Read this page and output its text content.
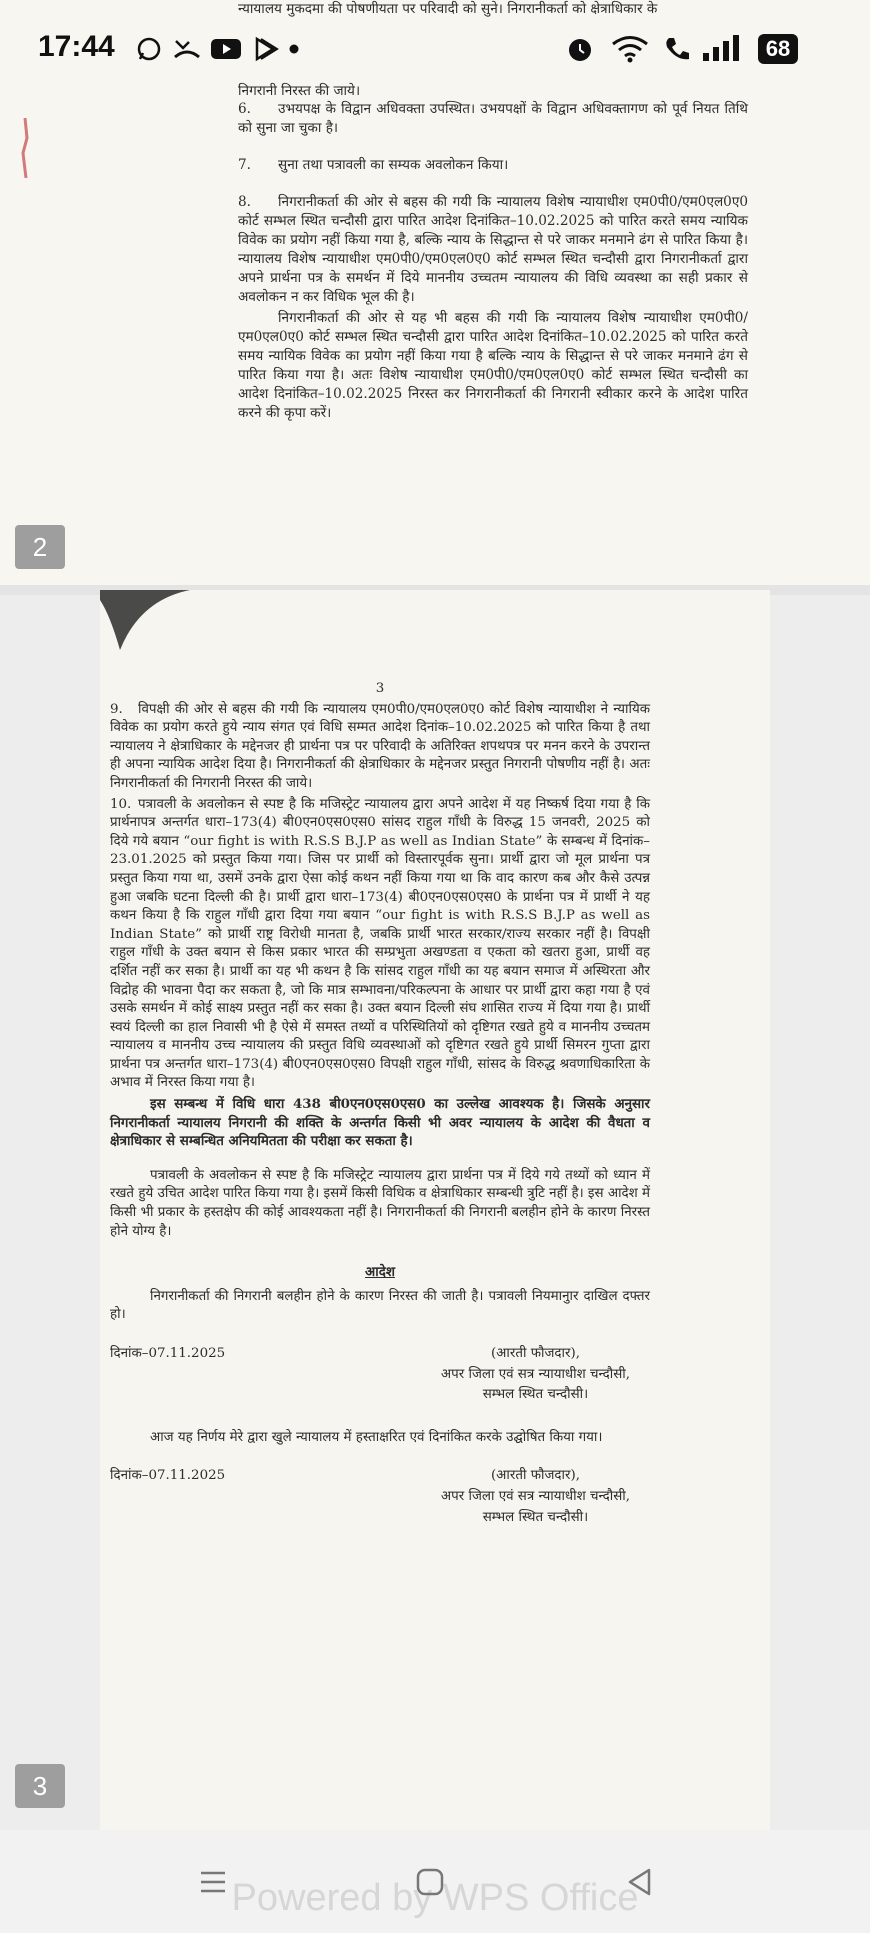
न्यायालय मुकदमा की पोषणीयता पर परिवादी को सुने। निगरानीकर्ता को क्षेत्राधिकार के

निगरानी निरस्त की जाये।

6. उभयपक्ष के विद्वान अधिवक्ता उपस्थित। उभयपक्षों के विद्वान अधिवक्तागण को पूर्व नियत तिथि को सुना जा चुका है।

7. सुना तथा पत्रावली का सम्यक अवलोकन किया।

8. निगरानीकर्ता की ओर से बहस की गयी कि न्यायालय विशेष न्यायाधीश एम0पी0/एम0एल0ए0 कोर्ट सम्भल स्थित चन्दौसी द्वारा पारित आदेश दिनांकित–10.02.2025 को पारित करते समय न्यायिक विवेक का प्रयोग नहीं किया गया है, बल्कि न्याय के सिद्धान्त से परे जाकर मनमाने ढंग से पारित किया है। न्यायालय विशेष न्यायाधीश एम0पी0/एम0एल0ए0 कोर्ट सम्भल स्थित चन्दौसी द्वारा निगरानीकर्ता द्वारा अपने प्रार्थना पत्र के समर्थन में दिये माननीय उच्चतम न्यायालय की विधि व्यवस्था का सही प्रकार से अवलोकन न कर विधिक भूल की है।

निगरानीकर्ता की ओर से यह भी बहस की गयी कि न्यायालय विशेष न्यायाधीश एम0पी0/एम0एल0ए0 कोर्ट सम्भल स्थित चन्दौसी द्वारा पारित आदेश दिनांकित–10.02.2025 को पारित करते समय न्यायिक विवेक का प्रयोग नहीं किया गया है बल्कि न्याय के सिद्धान्त से परे जाकर मनमाने ढंग से पारित किया गया है। अतः विशेष न्यायाधीश एम0पी0/एम0एल0ए0 कोर्ट सम्भल स्थित चन्दौसी का आदेश दिनांकित–10.02.2025 निरस्त कर निगरानीकर्ता की निगरानी स्वीकार करने के आदेश पारित करने की कृपा करें।

17:44	68
2

3

9. विपक्षी की ओर से बहस की गयी कि न्यायालय एम0पी0/एम0एल0ए0 कोर्ट विशेष न्यायाधीश ने न्यायिक विवेक का प्रयोग करते हुये न्याय संगत एवं विधि सम्मत आदेश दिनांक–10.02.2025 को पारित किया है तथा न्यायालय ने क्षेत्राधिकार के मद्देनजर ही प्रार्थना पत्र पर परिवादी के अतिरिक्त शपथपत्र पर मनन करने के उपरान्त ही अपना न्यायिक आदेश दिया है। निगरानीकर्ता की क्षेत्राधिकार के मद्देनजर प्रस्तुत निगरानी पोषणीय नहीं है। अतः निगरानीकर्ता की निगरानी निरस्त की जाये।

10. पत्रावली के अवलोकन से स्पष्ट है कि मजिस्ट्रेट न्यायालय द्वारा अपने आदेश में यह निष्कर्ष दिया गया है कि प्रार्थनापत्र अन्तर्गत धारा–173(4) बी0एन0एस0एस0 सांसद राहुल गाँधी के विरुद्ध 15 जनवरी, 2025 को दिये गये बयान “our fight is with R.S.S B.J.P as well as Indian State” के सम्बन्ध में दिनांक–23.01.2025 को प्रस्तुत किया गया। जिस पर प्रार्थी को विस्तारपूर्वक सुना। प्रार्थी द्वारा जो मूल प्रार्थना पत्र प्रस्तुत किया गया था, उसमें उनके द्वारा ऐसा कोई कथन नहीं किया गया था कि वाद कारण कब और कैसे उत्पन्न हुआ जबकि घटना दिल्ली की है। प्रार्थी द्वारा धारा–173(4) बी0एन0एस0एस0 के प्रार्थना पत्र में प्रार्थी ने यह कथन किया है कि राहुल गाँधी द्वारा दिया गया बयान “our fight is with R.S.S B.J.P as well as Indian State” को प्रार्थी राष्ट्र विरोधी मानता है, जबकि प्रार्थी भारत सरकार/राज्य सरकार नहीं है। विपक्षी राहुल गाँधी के उक्त बयान से किस प्रकार भारत की सम्प्रभुता अखण्डता व एकता को खतरा हुआ, प्रार्थी वह दर्शित नहीं कर सका है। प्रार्थी का यह भी कथन है कि सांसद राहुल गाँधी का यह बयान समाज में अस्थिरता और विद्रोह की भावना पैदा कर सकता है, जो कि मात्र सम्भावना/परिकल्पना के आधार पर प्रार्थी द्वारा कहा गया है एवं उसके समर्थन में कोई साक्ष्य प्रस्तुत नहीं कर सका है। उक्त बयान दिल्ली संघ शासित राज्य में दिया गया है। प्रार्थी स्वयं दिल्ली का हाल निवासी भी है ऐसे में समस्त तथ्यों व परिस्थितियों को दृष्टिगत रखते हुये व माननीय उच्चतम न्यायालय व माननीय उच्च न्यायालय की प्रस्तुत विधि व्यवस्थाओं को दृष्टिगत रखते हुये प्रार्थी सिमरन गुप्ता द्वारा प्रार्थना पत्र अन्तर्गत धारा–173(4) बी0एन0एस0एस0 विपक्षी राहुल गाँधी, सांसद के विरुद्ध श्रवणाधिकारिता के अभाव में निरस्त किया गया है।

इस सम्बन्ध में विधि धारा 438 बी0एन0एस0एस0 का उल्लेख आवश्यक है। जिसके अनुसार निगरानीकर्ता न्यायालय निगरानी की शक्ति के अन्तर्गत किसी भी अवर न्यायालय के आदेश की वैधता व क्षेत्राधिकार से सम्बन्धित अनियमितता की परीक्षा कर सकता है।

पत्रावली के अवलोकन से स्पष्ट है कि मजिस्ट्रेट न्यायालय द्वारा प्रार्थना पत्र में दिये गये तथ्यों को ध्यान में रखते हुये उचित आदेश पारित किया गया है। इसमें किसी विधिक व क्षेत्राधिकार सम्बन्धी त्रुटि नहीं है। इस आदेश में किसी भी प्रकार के हस्तक्षेप की कोई आवश्यकता नहीं है। निगरानीकर्ता की निगरानी बलहीन होने के कारण निरस्त होने योग्य है।

आदेश

निगरानीकर्ता की निगरानी बलहीन होने के कारण निरस्त की जाती है। पत्रावली नियमानुार दाखिल दफ्तर हो।

दिनांक–07.11.2025	(आरती फौजदार),

अपर जिला एवं सत्र न्यायाधीश चन्दौसी,

सम्भल स्थित चन्दौसी।

आज यह निर्णय मेरे द्वारा खुले न्यायालय में हस्ताक्षरित एवं दिनांकित करके उद्घोषित किया गया।

दिनांक–07.11.2025	(आरती फौजदार),

अपर जिला एवं सत्र न्यायाधीश चन्दौसी,

सम्भल स्थित चन्दौसी।

3
Powered by WPS Office
